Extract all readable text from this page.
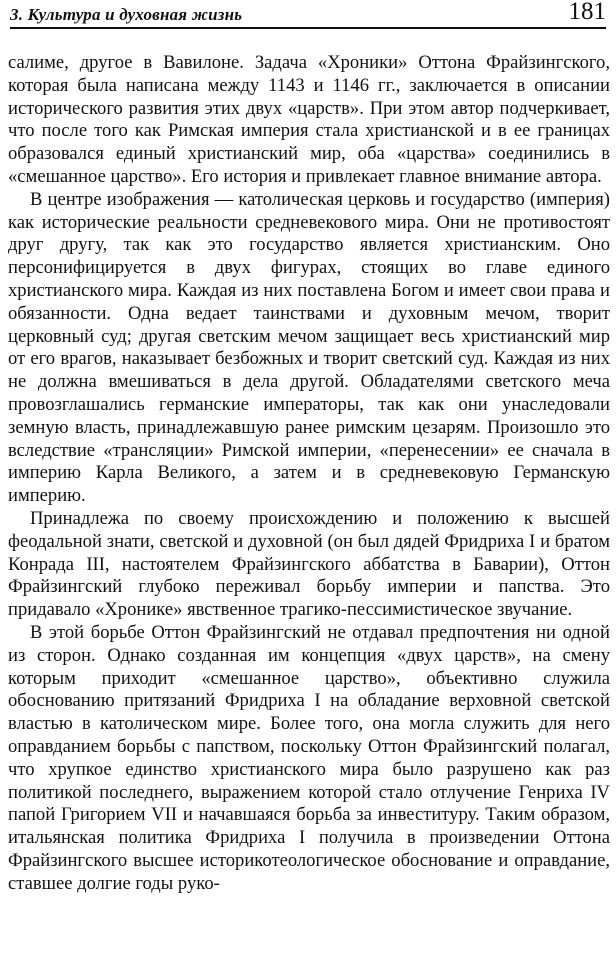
3. Культура и духовная жизнь	181

салиме, другое в Вавилоне. Задача «Хроники» Оттона Фрайзингского, которая была написана между 1143 и 1146 гг., заключается в описании исторического развития этих двух «царств». При этом автор подчеркивает, что после того как Римская империя стала христианской и в ее границах образовался единый христианский мир, оба «царства» соединились в «смешанное царство». Его история и привлекает главное внимание автора.

В центре изображения — католическая церковь и государство (империя) как исторические реальности средневекового мира. Они не противостоят друг другу, так как это государство является христианским. Оно персонифицируется в двух фигурах, стоящих во главе единого христианского мира. Каждая из них поставлена Богом и имеет свои права и обязанности. Одна ведает таинствами и духовным мечом, творит церковный суд; другая светским мечом защищает весь христианский мир от его врагов, наказывает безбожных и творит светский суд. Каждая из них не должна вмешиваться в дела другой. Обладателями светского меча провозглашались германские императоры, так как они унаследовали земную власть, принадлежавшую ранее римским цезарям. Произошло это вследствие «трансляции» Римской империи, «перенесении» ее сначала в империю Карла Великого, а затем и в средневековую Германскую империю.

Принадлежа по своему происхождению и положению к высшей феодальной знати, светской и духовной (он был дядей Фридриха I и братом Конрада III, настоятелем Фрайзингского аббатства в Баварии), Оттон Фрайзингский глубоко переживал борьбу империи и папства. Это придавало «Хронике» явственное трагико-пессимистическое звучание.

В этой борьбе Оттон Фрайзингский не отдавал предпочтения ни одной из сторон. Однако созданная им концепция «двух царств», на смену которым приходит «смешанное царство», объективно служила обоснованию притязаний Фридриха I на обладание верховной светской властью в католическом мире. Более того, она могла служить для него оправданием борьбы с папством, поскольку Оттон Фрайзингский полагал, что хрупкое единство христианского мира было разрушено как раз политикой последнего, выражением которой стало отлучение Генриха IV папой Григорием VII и начавшаяся борьба за инвеституру. Таким образом, итальянская политика Фридриха I получила в произведении Оттона Фрайзингского высшее историкотеологическое обоснование и оправдание, ставшее долгие годы руко-
